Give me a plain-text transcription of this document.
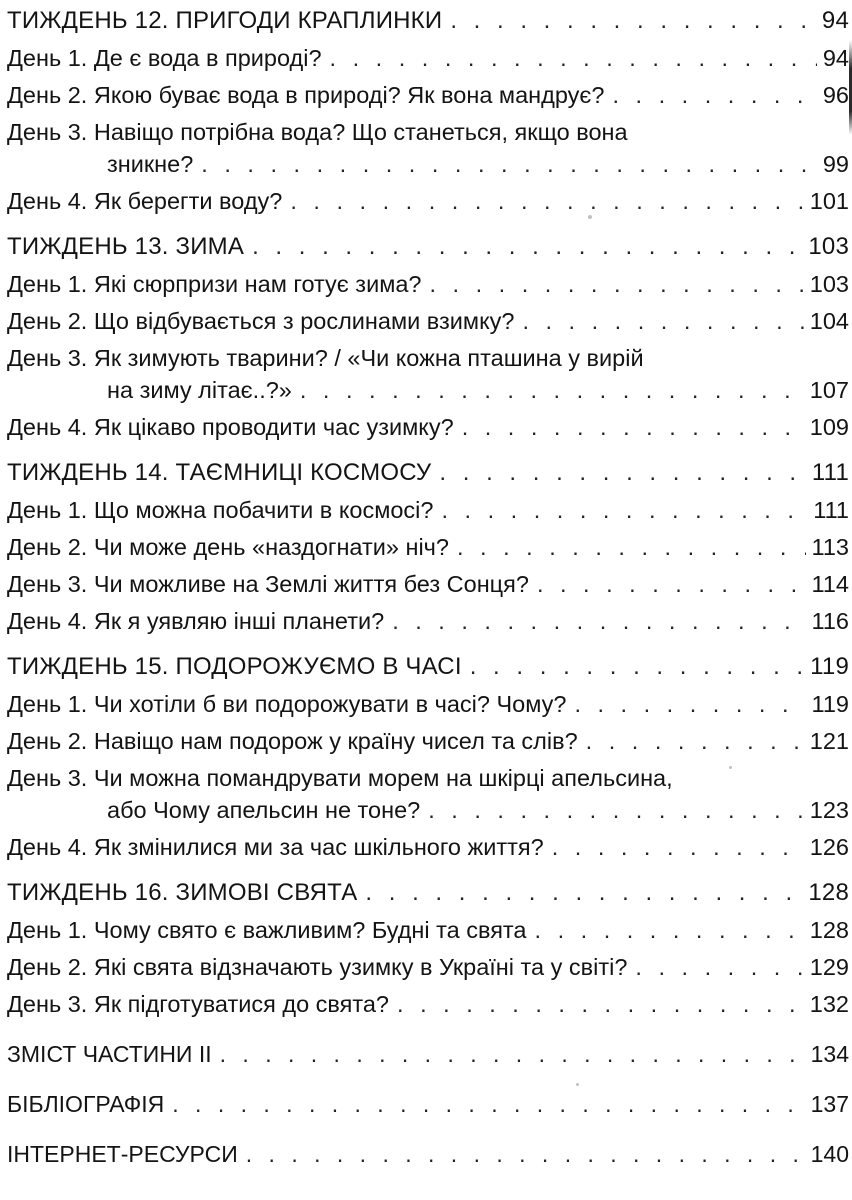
ТИЖДЕНЬ 12. ПРИГОДИ КРАПЛИНКИ . . .	94
День 1. Де є вода в природі? . . .	94
День 2. Якою буває вода в природі? Як вона мандрує? . . .	96
День 3. Навіщо потрібна вода? Що станеться, якщо вона
зникне? . . .	99
День 4. Як берегти воду? . . .	101
ТИЖДЕНЬ 13. ЗИМА . . .	103
День 1. Які сюрпризи нам готує зима? . . .	103
День 2. Що відбувається з рослинами взимку? . . .	104
День 3. Як зимують тварини? / «Чи кожна пташина у вирій
на зиму літає..?» . . .	107
День 4. Як цікаво проводити час узимку? . . .	109
ТИЖДЕНЬ 14. ТАЄМНИЦІ КОСМОСУ . . .	111
День 1. Що можна побачити в космосі? . . .	111
День 2. Чи може день «наздогнати» ніч? . . .	113
День 3. Чи можливе на Землі життя без Сонця? . . .	114
День 4. Як я уявляю інші планети? . . .	116
ТИЖДЕНЬ 15. ПОДОРОЖУЄМО В ЧАСІ . . .	119
День 1. Чи хотіли б ви подорожувати в часі? Чому? . . .	119
День 2. Навіщо нам подорож у країну чисел та слів? . . .	121
День 3. Чи можна помандрувати морем на шкірці апельсина,
або Чому апельсин не тоне? . . .	123
День 4. Як змінилися ми за час шкільного життя? . . .	126
ТИЖДЕНЬ 16. ЗИМОВІ СВЯТА . . .	128
День 1. Чому свято є важливим? Будні та свята . . .	128
День 2. Які свята відзначають узимку в Україні та у світі? . . .	129
День 3. Як підготуватися до свята? . . .	132
ЗМІСТ ЧАСТИНИ II . . .	134
БІБЛІОГРАФІЯ . . .	137
ІНТЕРНЕТ-РЕСУРСИ . . .	140
